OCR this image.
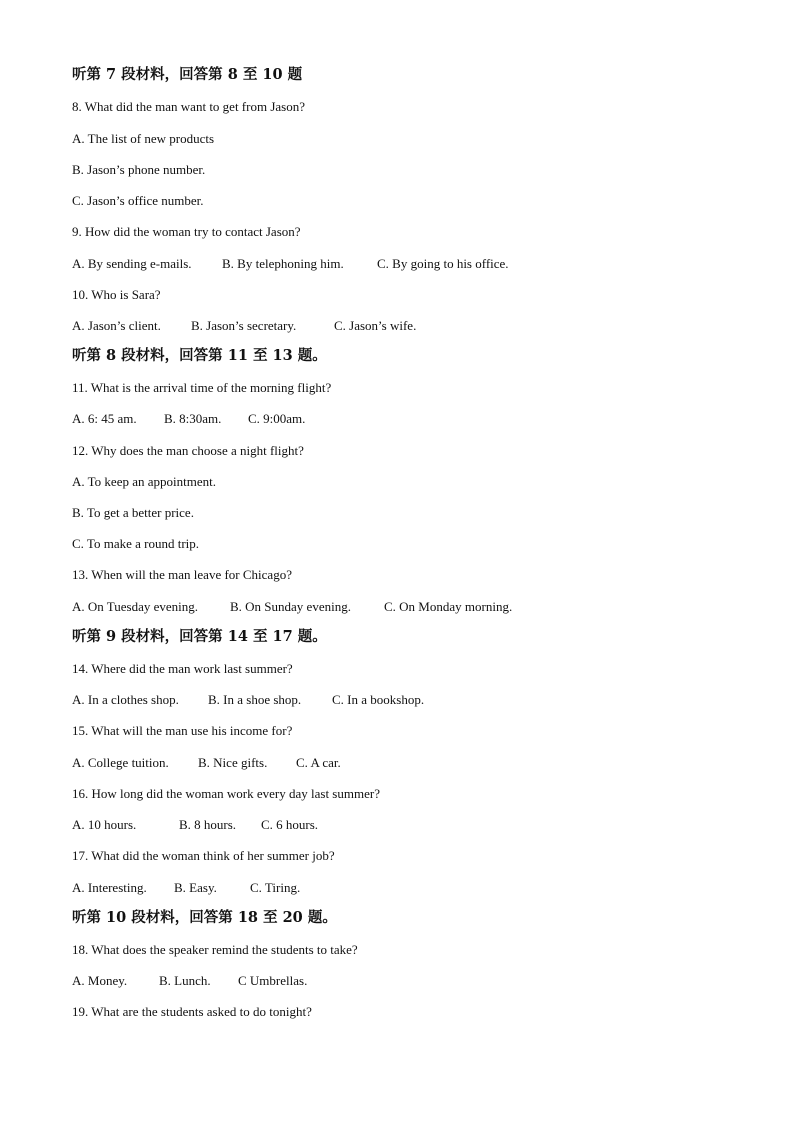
听第 7 段材料，回答第 8 至 10 题
8. What did the man want to get from Jason?
A. The list of new products
B. Jason’s phone number.
C. Jason’s office number.
9. How did the woman try to contact Jason?
A. By sending e-mails. B. By telephoning him.	C. By going to his office.
10. Who is Sara?
A. Jason’s client. B. Jason’s secretary.	C. Jason’s wife.
听第 8 段材料，回答第 11 至 13 题。
11. What is the arrival time of the morning flight?
A. 6: 45 am. B. 8:30am. C. 9:00am.
12. Why does the man choose a night flight?
A. To keep an appointment.
B. To get a better price.
C. To make a round trip.
13. When will the man leave for Chicago?
A. On Tuesday evening. B. On Sunday evening.	C. On Monday morning.
听第 9 段材料，回答第 14 至 17 题。
14. Where did the man work last summer?
A. In a clothes shop. B. In a shoe shop. C. In a bookshop.
15. What will the man use his income for?
A. College tuition. B. Nice gifts. C. A car.
16. How long did the woman work every day last summer?
A. 10 hours.	B. 8 hours. C. 6 hours.
17. What did the woman think of her summer job?
A. Interesting. B. Easy.	C. Tiring.
听第 10 段材料，回答第 18 至 20 题。
18. What does the speaker remind the students to take?
A. Money. B. Lunch. C Umbrellas.
19. What are the students asked to do tonight?
